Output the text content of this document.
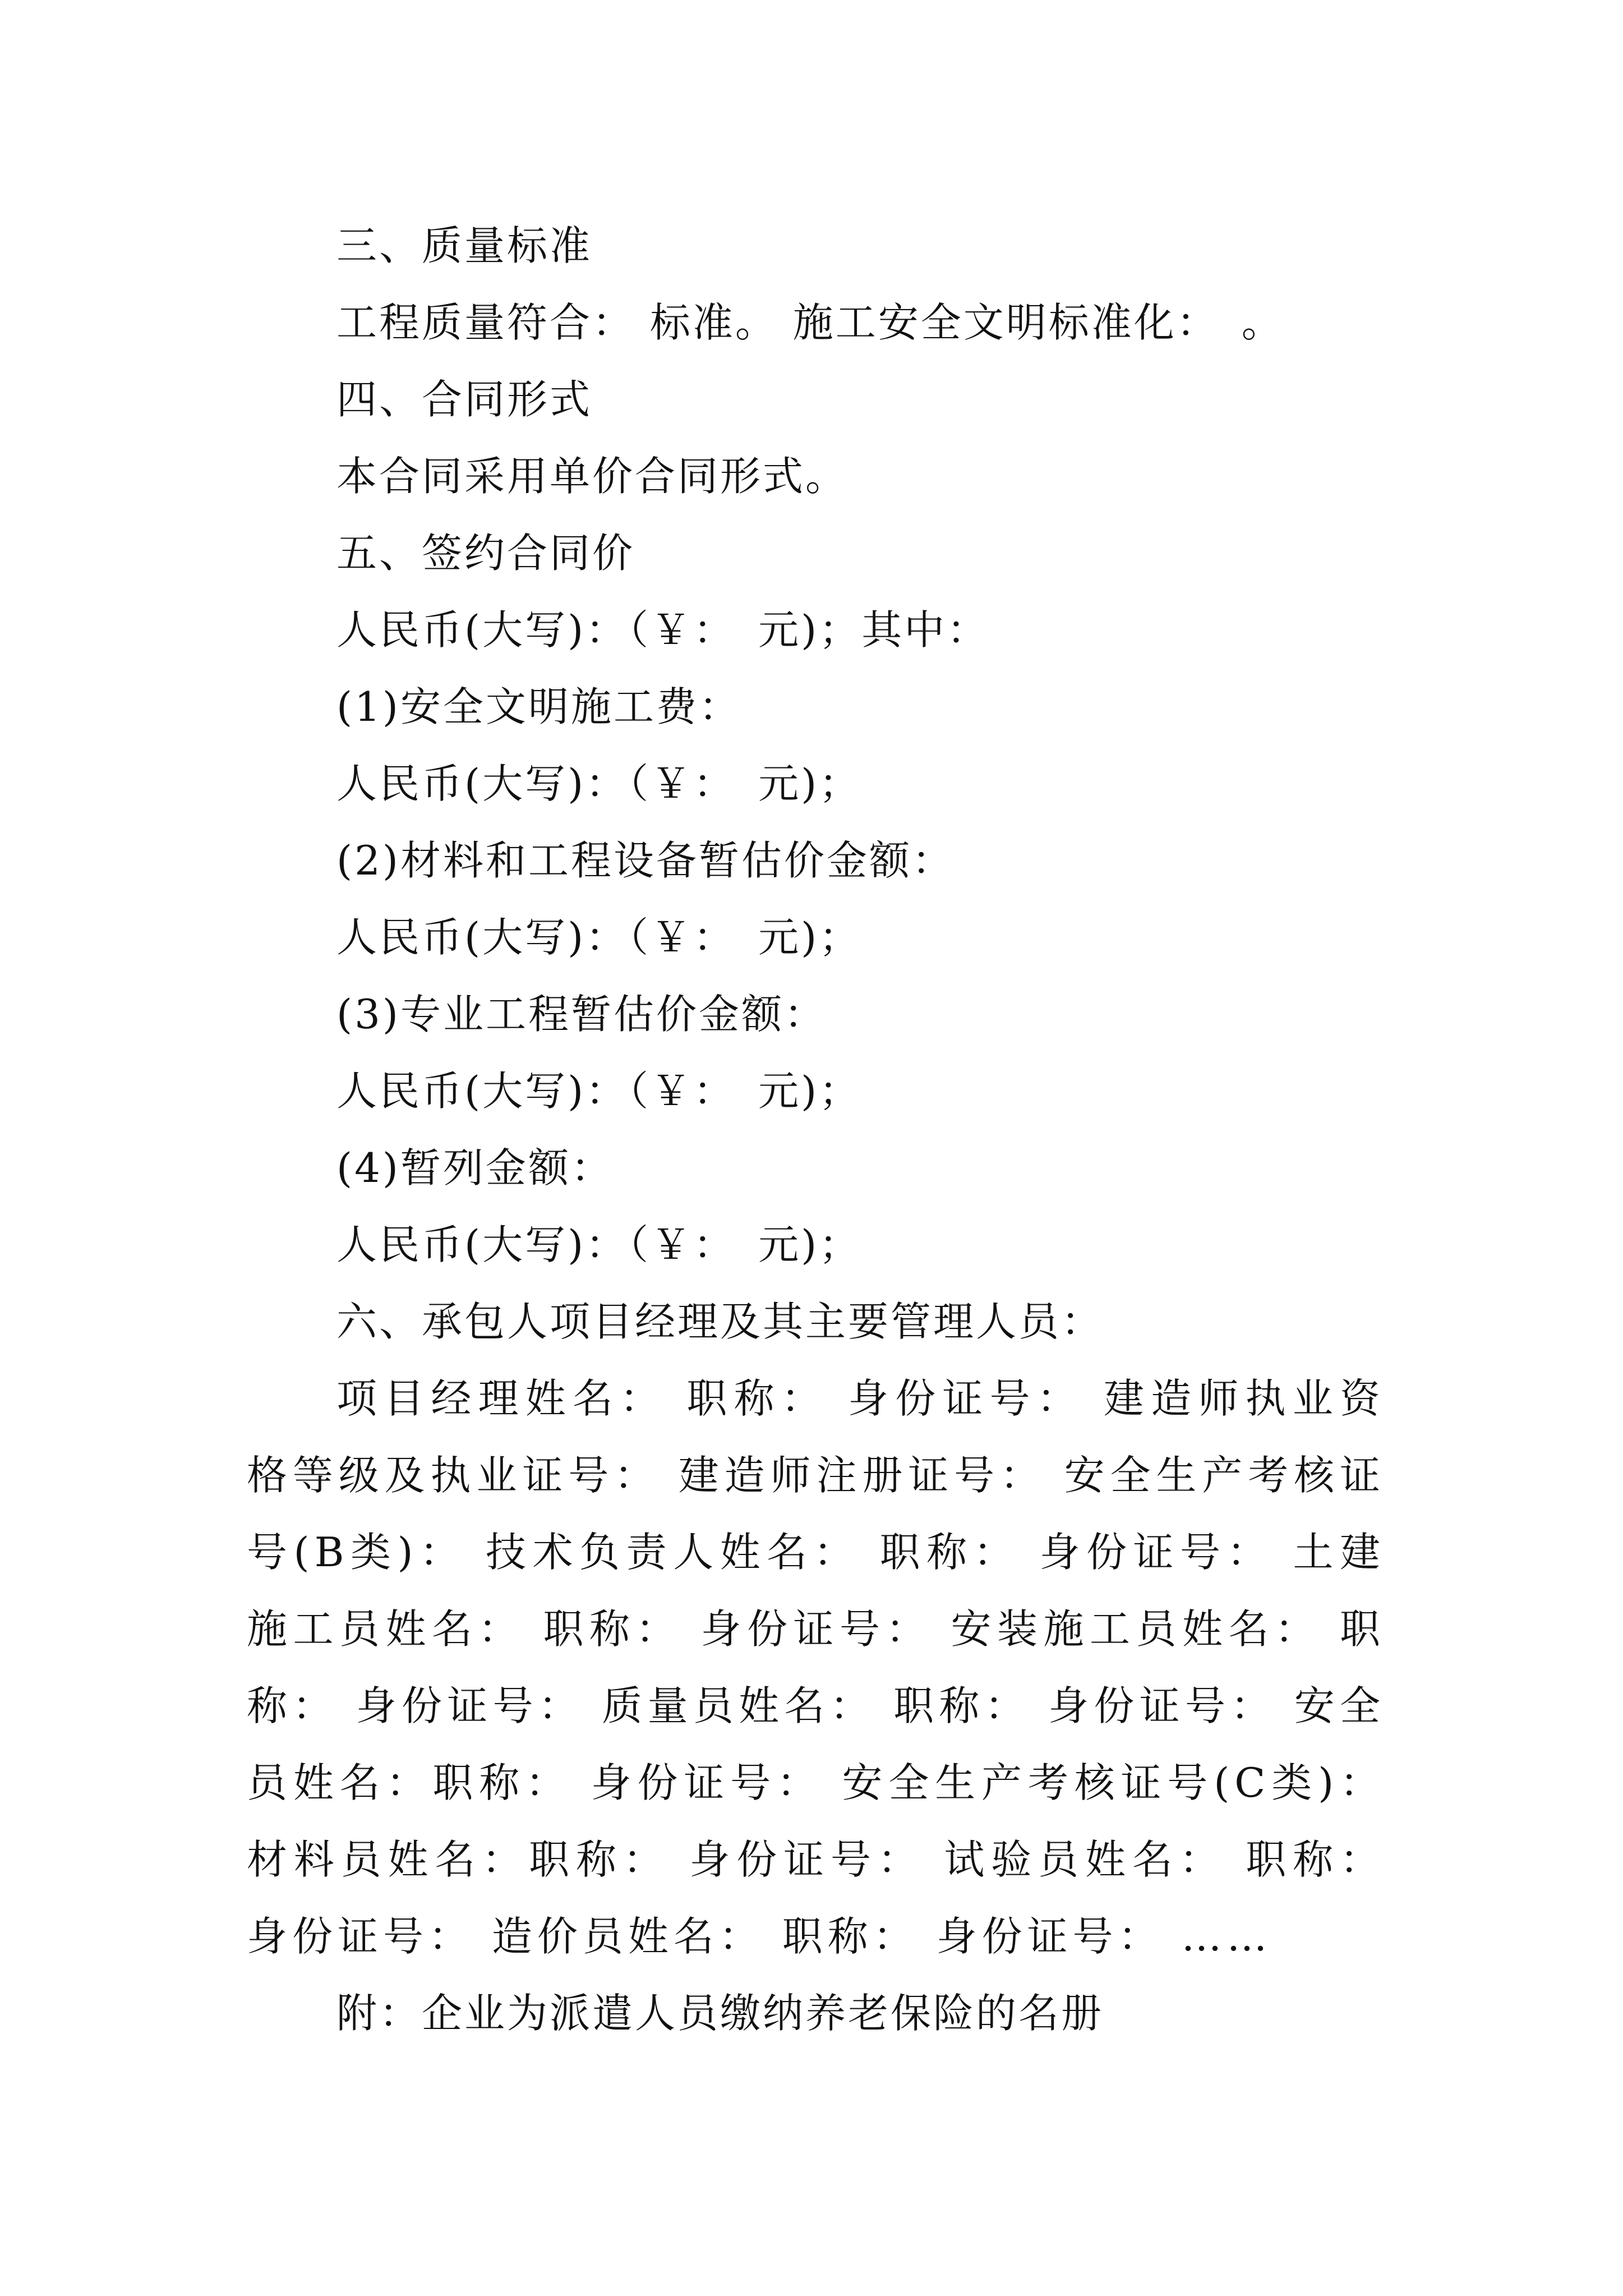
三、质量标准

工程质量符合： 标准。 施工安全文明标准化：　。

四、合同形式

本合同采用单价合同形式。

五、签约合同价

人民币(大写)：（￥：　元)；其中：

(1)安全文明施工费：

人民币(大写)：（￥：　元)；

(2)材料和工程设备暂估价金额：

人民币(大写)：（￥：　元)；

(3)专业工程暂估价金额：

人民币(大写)：（￥：　元)；

(4)暂列金额：

人民币(大写)：（￥：　元)；

六、承包人项目经理及其主要管理人员：

项目经理姓名： 职称： 身份证号： 建造师执业资格等级及执业证号： 建造师注册证号： 安全生产考核证号(B类)： 技术负责人姓名： 职称： 身份证号： 土建施工员姓名： 职称： 身份证号： 安装施工员姓名： 职称： 身份证号： 质量员姓名： 职称： 身份证号： 安全员姓名：职称： 身份证号： 安全生产考核证号(C类)： 材料员姓名：职称： 身份证号： 试验员姓名： 职称： 身份证号： 造价员姓名： 职称： 身份证号： ……

附：企业为派遣人员缴纳养老保险的名册
